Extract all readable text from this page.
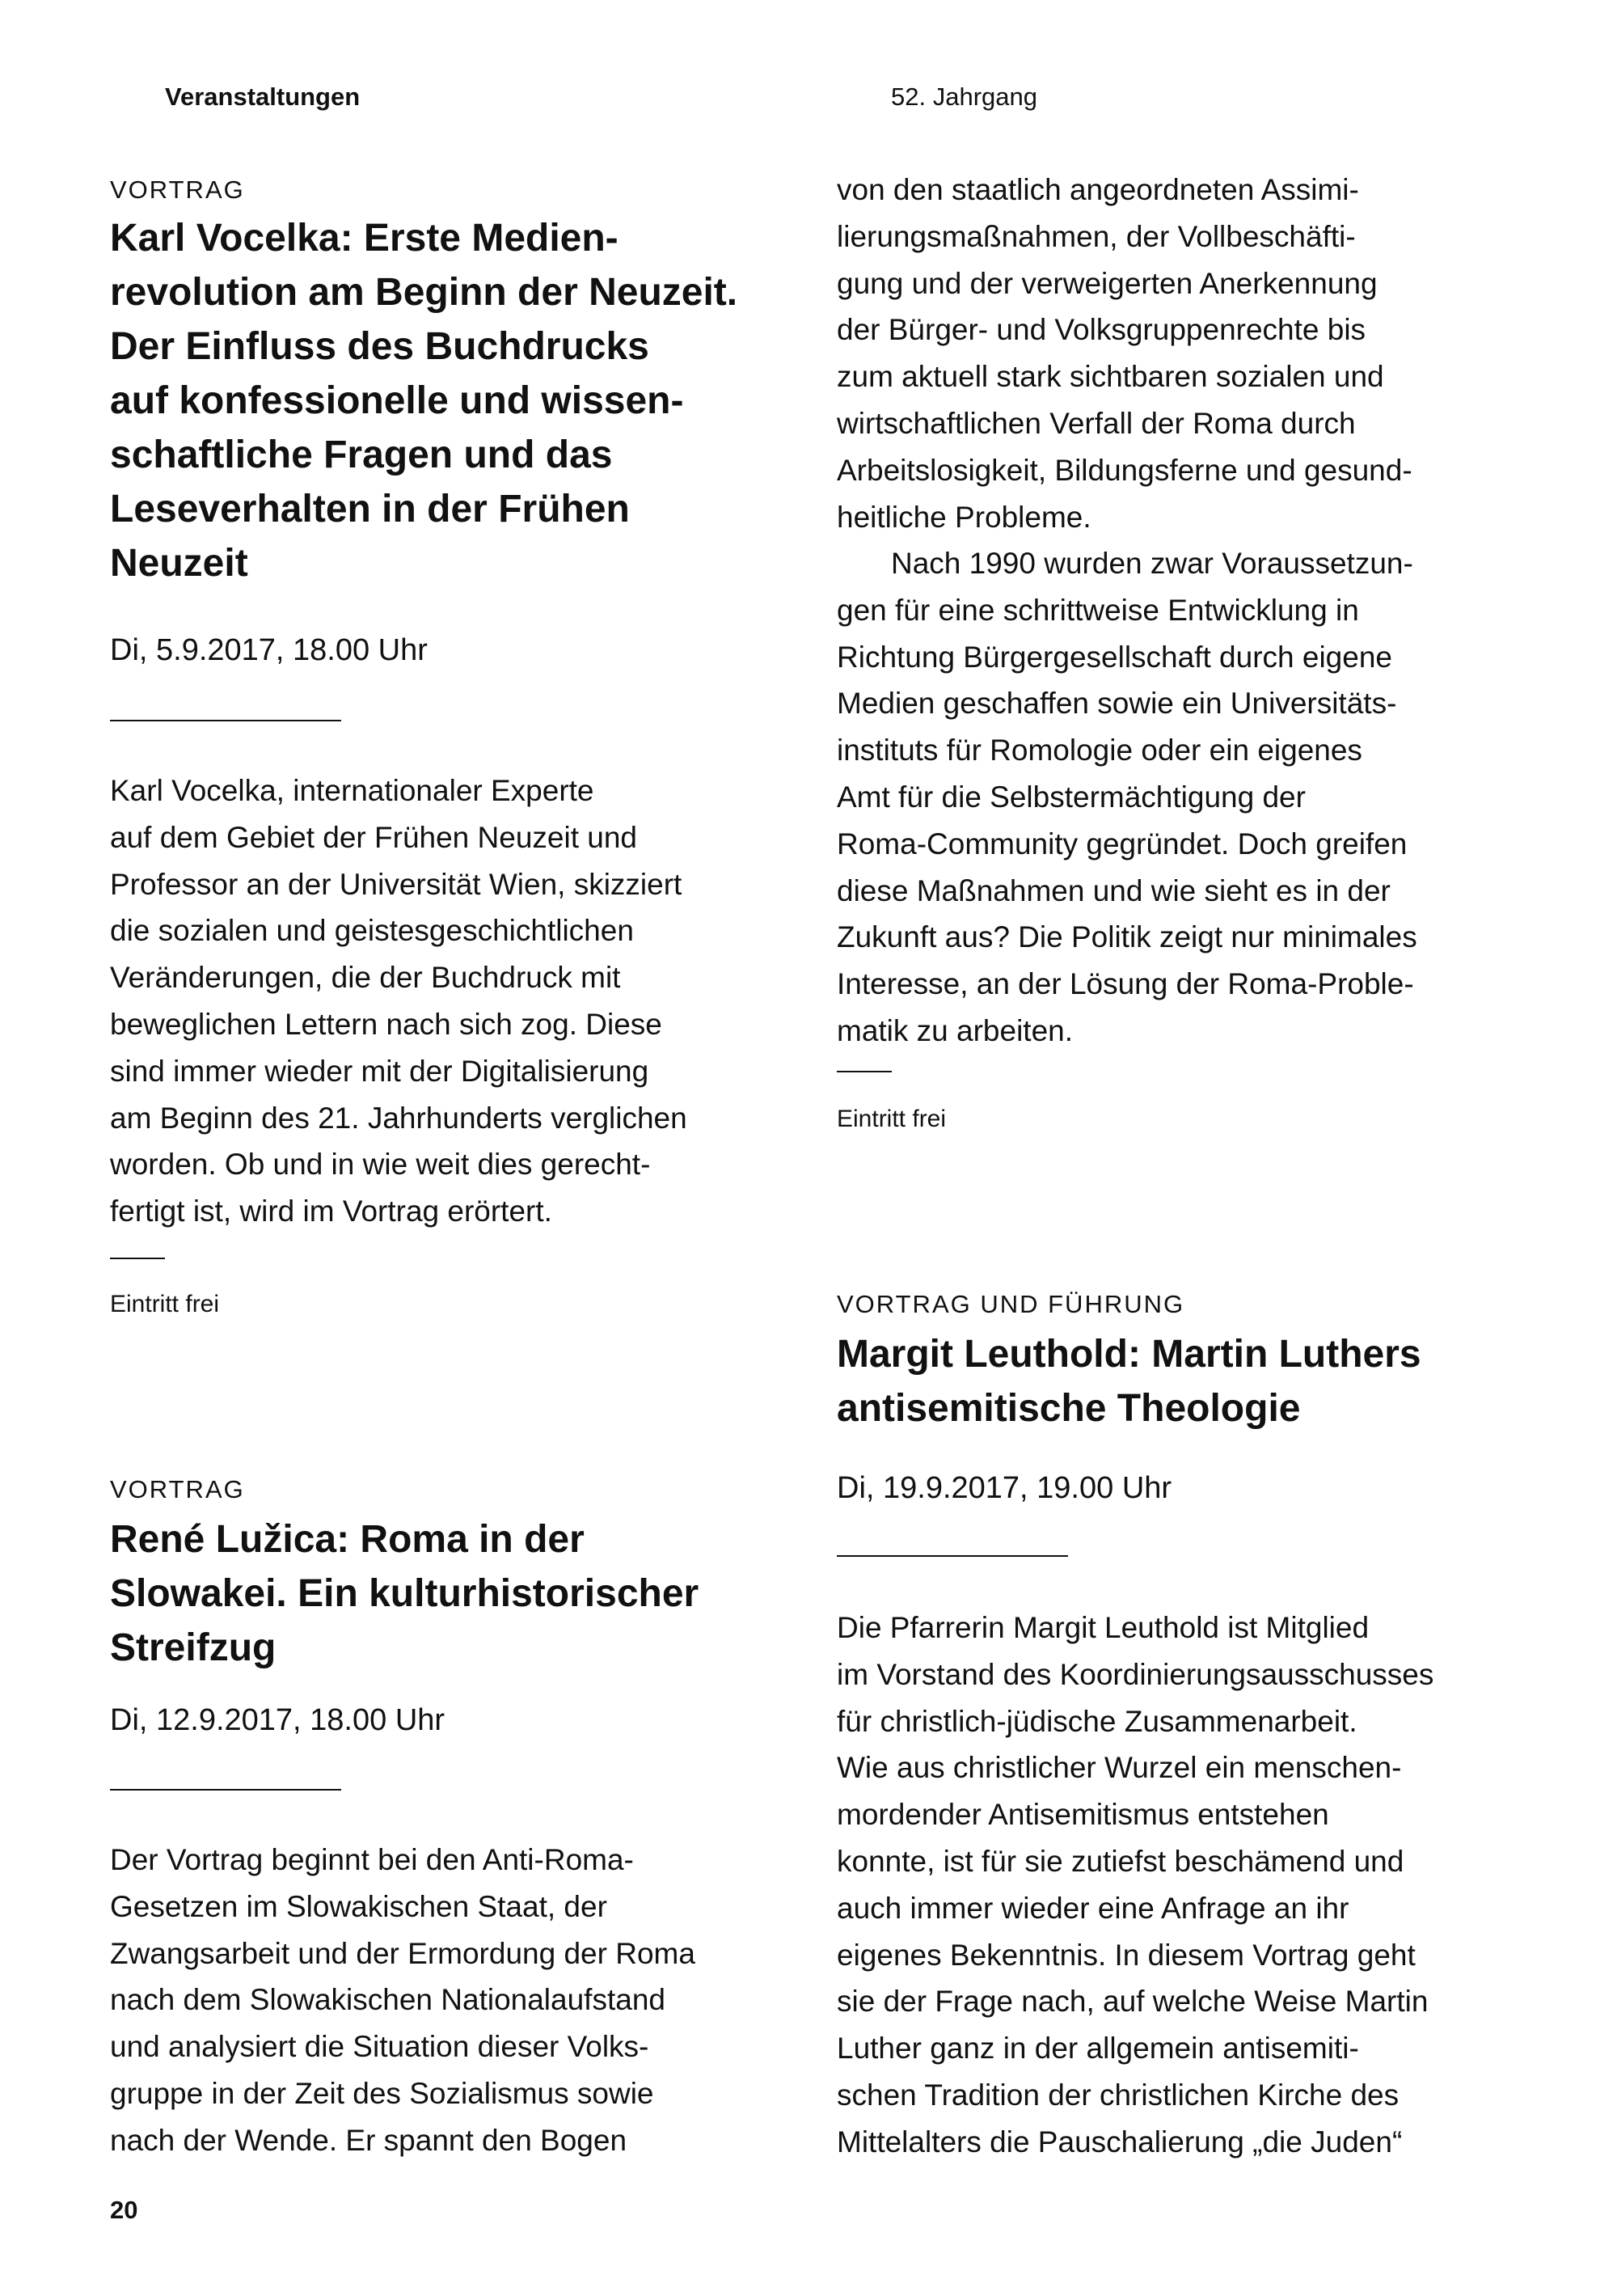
Veranstaltungen	52. Jahrgang
VORTRAG
Karl Vocelka: Erste Medien-
revolution am Beginn der Neuzeit.
Der Einfluss des Buchdrucks
auf konfessionelle und wissen-
schaftliche Fragen und das
Leseverhalten in der Frühen
Neuzeit
Di, 5.9.2017, 18.00 Uhr
Karl Vocelka, internationaler Experte
auf dem Gebiet der Frühen Neuzeit und
Professor an der Universität Wien, skizziert
die sozialen und geistesgeschichtlichen
Veränderungen, die der Buchdruck mit
beweglichen Lettern nach sich zog. Diese
sind immer wieder mit der Digitalisierung
am Beginn des 21. Jahrhunderts verglichen
worden. Ob und in wie weit dies gerecht-
fertigt ist, wird im Vortrag erörtert.
Eintritt frei
VORTRAG
René Lužica: Roma in der
Slowakei. Ein kulturhistorischer
Streifzug
Di, 12.9.2017, 18.00 Uhr
Der Vortrag beginnt bei den Anti-Roma-
Gesetzen im Slowakischen Staat, der
Zwangsarbeit und der Ermordung der Roma
nach dem Slowakischen Nationalaufstand
und analysiert die Situation dieser Volks-
gruppe in der Zeit des Sozialismus sowie
nach der Wende. Er spannt den Bogen
von den staatlich angeordneten Assimi-
lierungsmaßnahmen, der Vollbeschäfti-
gung und der verweigerten Anerkennung
der Bürger- und Volksgruppenrechte bis
zum aktuell stark sichtbaren sozialen und
wirtschaftlichen Verfall der Roma durch
Arbeitslosigkeit, Bildungsferne und gesund-
heitliche Probleme.
Nach 1990 wurden zwar Voraussetzun-
gen für eine schrittweise Entwicklung in
Richtung Bürgergesellschaft durch eigene
Medien geschaffen sowie ein Universitäts-
instituts für Romologie oder ein eigenes
Amt für die Selbstermächtigung der
Roma-Community gegründet. Doch greifen
diese Maßnahmen und wie sieht es in der
Zukunft aus? Die Politik zeigt nur minimales
Interesse, an der Lösung der Roma-Proble-
matik zu arbeiten.
Eintritt frei
VORTRAG UND FÜHRUNG
Margit Leuthold: Martin Luthers
antisemitische Theologie
Di, 19.9.2017, 19.00 Uhr
Die Pfarrerin Margit Leuthold ist Mitglied
im Vorstand des Koordinierungsausschusses
für christlich-jüdische Zusammenarbeit.
Wie aus christlicher Wurzel ein menschen-
mordender Antisemitismus entstehen
konnte, ist für sie zutiefst beschämend und
auch immer wieder eine Anfrage an ihr
eigenes Bekenntnis. In diesem Vortrag geht
sie der Frage nach, auf welche Weise Martin
Luther ganz in der allgemein antisemiti-
schen Tradition der christlichen Kirche des
Mittelalters die Pauschalierung „die Juden“
20
